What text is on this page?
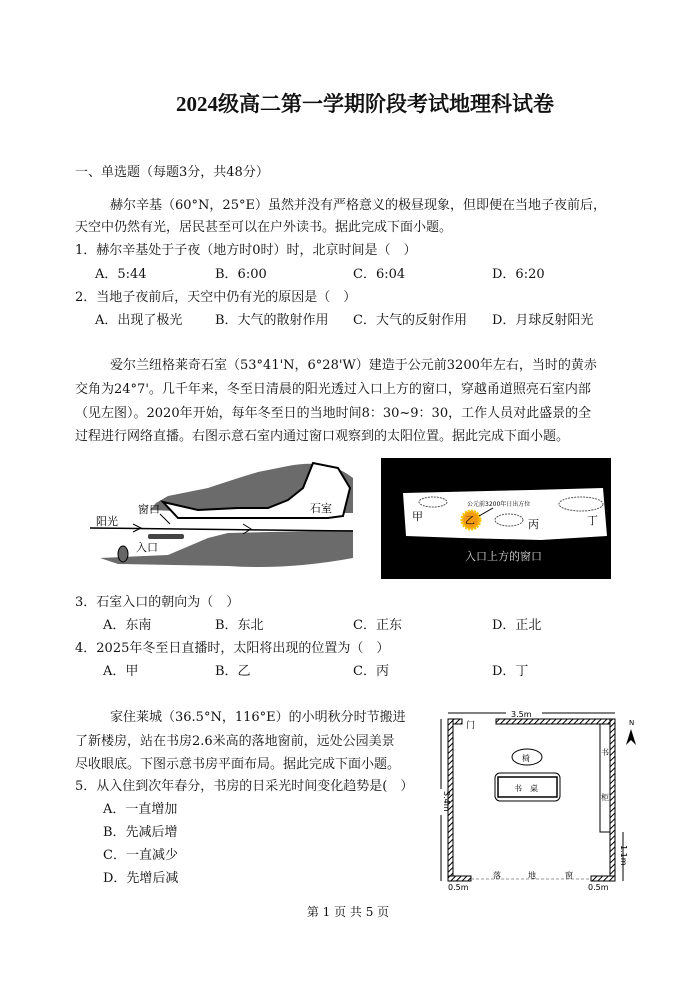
2024级高二第一学期阶段考试地理科试卷
一、单选题（每题3分，共48分）
赫尔辛基（60°N，25°E）虽然并没有严格意义的极昼现象，但即便在当地子夜前后，
天空中仍然有光，居民甚至可以在户外读书。据此完成下面小题。
1．赫尔辛基处于子夜（地方时0时）时，北京时间是（　）
A．5:44	B．6:00	C．6:04	D．6:20
2．当地子夜前后，天空中仍有光的原因是（　）
A．出现了极光	B．大气的散射作用 C．大气的反射作用 D．月球反射阳光
爱尔兰纽格莱奇石室（53°41'N，6°28'W）建造于公元前3200年左右，当时的黄赤
交角为24°7'。几千年来，冬至日清晨的阳光透过入口上方的窗口，穿越甬道照亮石室内部
（见左图）。2020年开始，每年冬至日的当地时间8：30~9：30，工作人员对此盛景的全
过程进行网络直播。右图示意石室内通过窗口观察到的太阳位置。据此完成下面小题。
阳光
窗口
入口
石室	公元前3200年日出方位
甲	乙	丙	丁
入口上方的窗口
3．石室入口的朝向为（　）
A．东南	B．东北	C．正东	D．正北
4．2025年冬至日直播时，太阳将出现的位置为（　）
A．甲	B．乙	C．丙	D．丁
家住莱城（36.5°N，116°E）的小明秋分时节搬进
了新楼房，站在书房2.6米高的落地窗前，远处公园美景
尽收眼底。下图示意书房平面布局。据此完成下面小题。
5．从入住到次年春分，书房的日采光时间变化趋势是(　）
A．一直增加
B．先减后增
C．一直减少
D．先增后减
3.5m
门
3.4m
椅
书　桌
书
柜
落	地	窗
1.1m
0.5m	0.5m
N
第 1 页 共 5 页
